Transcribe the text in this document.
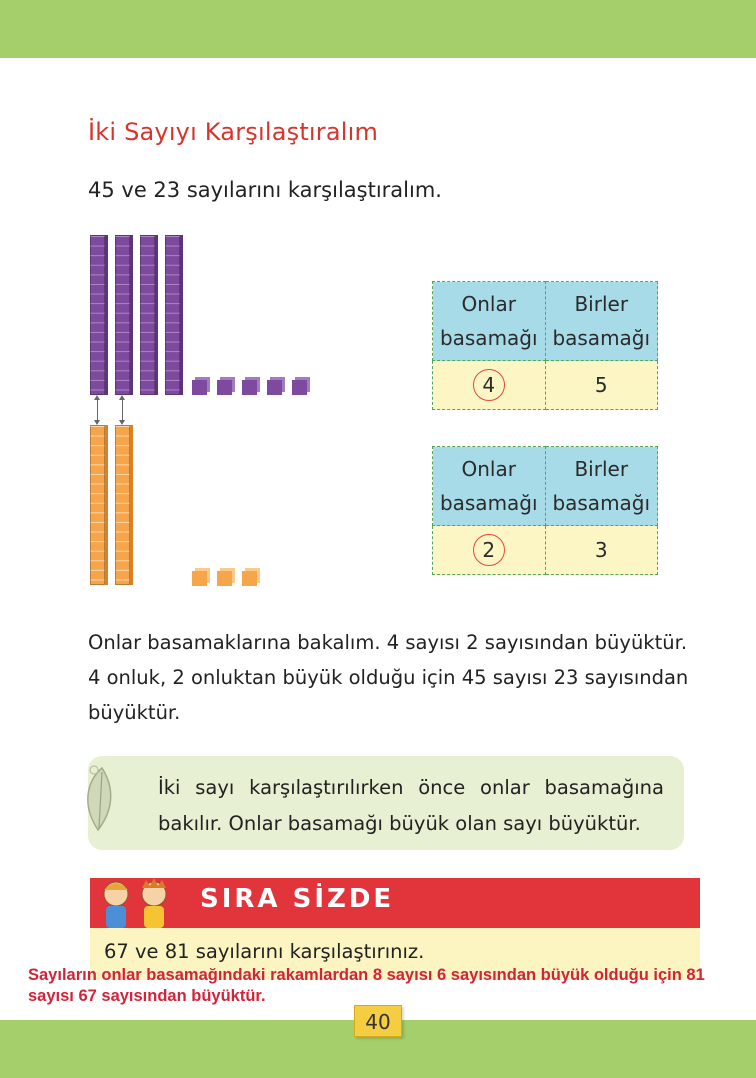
İki Sayıyı Karşılaştıralım
45 ve 23 sayılarını karşılaştıralım.
Onlar basamağı	Birler basamağı
4	5
Onlar basamağı	Birler basamağı
2	3
Onlar basamaklarına bakalım. 4 sayısı 2 sayısından büyüktür. 4 onluk, 2 onluktan büyük olduğu için 45 sayısı 23 sayısından büyüktür.
İki sayı karşılaştırılırken önce onlar basamağına bakılır. Onlar basamağı büyük olan sayı büyüktür.
SIRA SİZDE
67 ve 81 sayılarını karşılaştırınız.
Sayıların onlar basamağındaki rakamlardan 8 sayısı 6 sayısından büyük olduğu için 81 sayısı 67 sayısından büyüktür.
40
